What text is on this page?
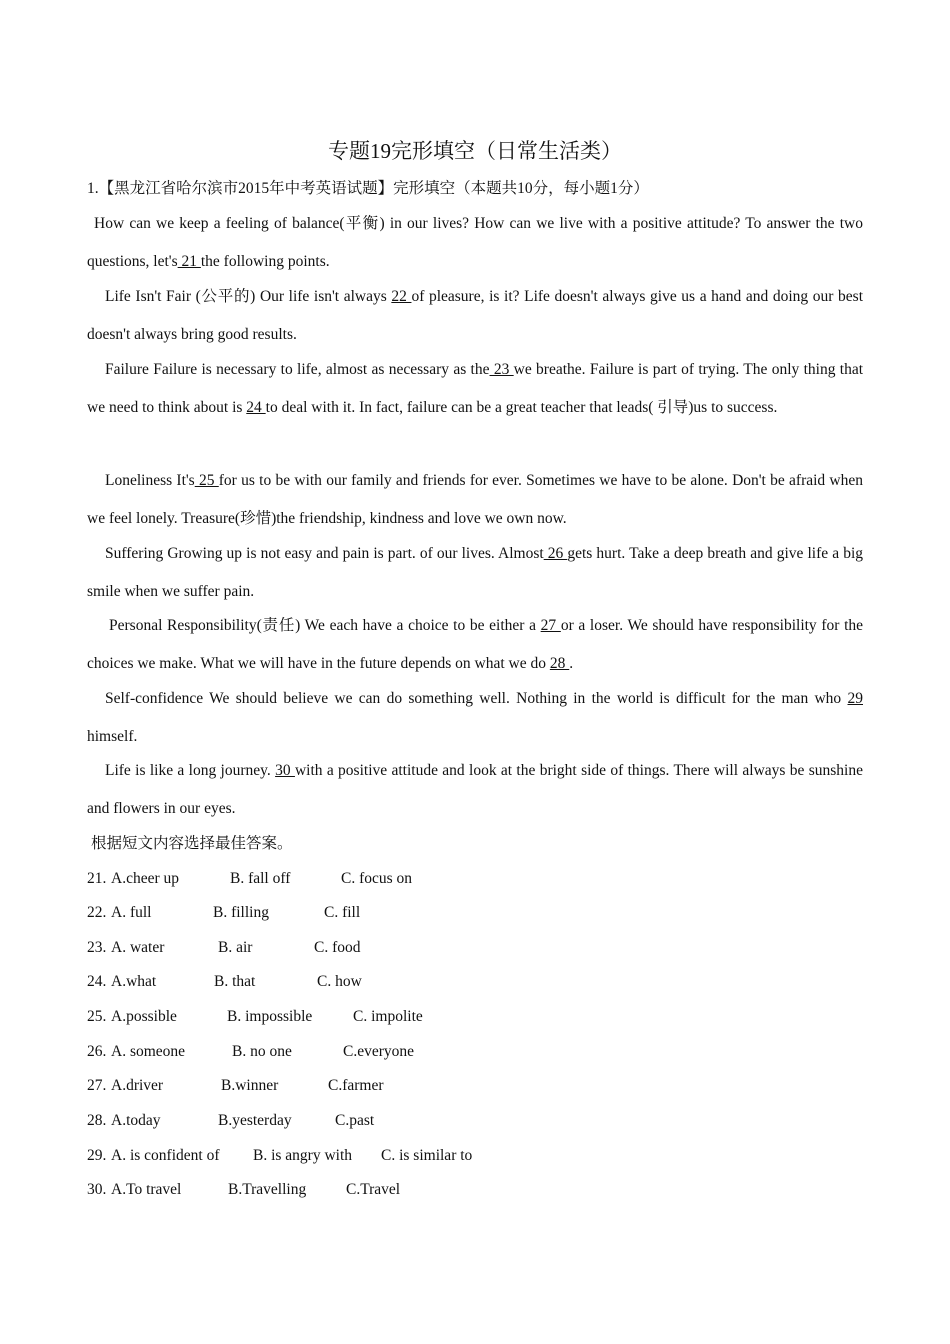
专题19完形填空（日常生活类）
1.【黑龙江省哈尔滨市2015年中考英语试题】完形填空（本题共10分，每小题1分）
How can we keep a feeling of balance(平衡) in our lives? How can we live with a positive attitude? To answer the two questions, let's 21 the following points.
Life Isn't Fair (公平的) Our life isn't always 22 of pleasure, is it? Life doesn't always give us a hand and doing our best doesn't always bring good results.
Failure Failure is necessary to life, almost as necessary as the 23 we breathe. Failure is part of trying. The only thing that we need to think about is 24 to deal with it. In fact, failure can be a great teacher that leads( 引导)us to success.
Loneliness It's 25 for us to be with our family and friends for ever. Sometimes we have to be alone. Don't be afraid when we feel lonely. Treasure(珍惜)the friendship, kindness and love we own now.
Suffering Growing up is not easy and pain is part. of our lives. Almost 26 gets hurt. Take a deep breath and give life a big smile when we suffer pain.
Personal Responsibility(责任) We each have a choice to be either a 27 or a loser. We should have responsibility for the choices we make. What we will have in the future depends on what we do 28 .
Self-confidence We should believe we can do something well. Nothing in the world is difficult for the man who 29 himself.
Life is like a long journey. 30 with a positive attitude and look at the bright side of things. There will always be sunshine and flowers in our eyes.
根据短文内容选择最佳答案。
21. A.cheer up	B. fall off	C. focus on
22. A. full	B. filling	C. fill
23. A. water	B. air	C. food
24. A.what	B. that	C. how
25. A.possible	B. impossible	C. impolite
26. A. someone	B. no one	C.everyone
27. A.driver	B.winner	C.farmer
28. A.today	B.yesterday	C.past
29. A. is confident of B. is angry with C. is similar to
30. A.To travel	B.Travelling	C.Travel
